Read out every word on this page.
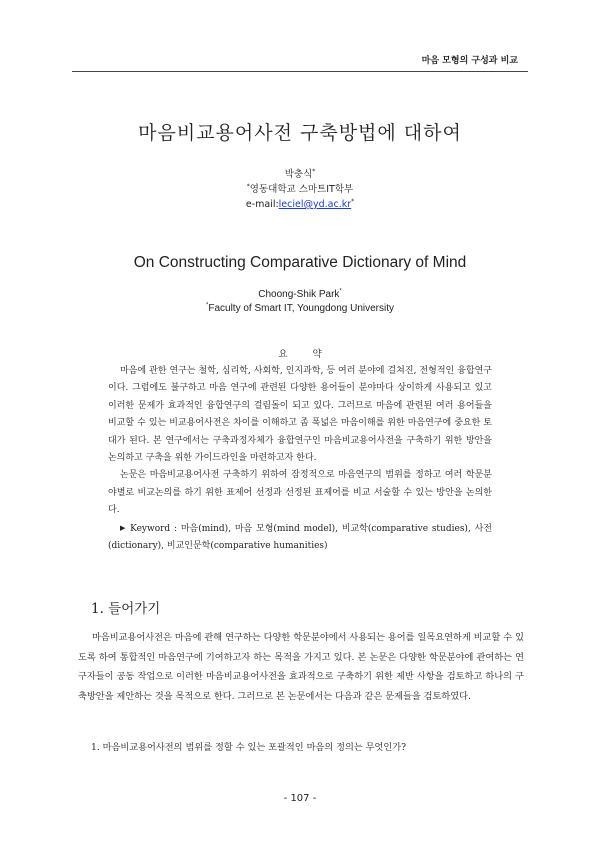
마음 모형의 구성과 비교
마음비교용어사전 구축방법에 대하여
박충식*
*영동대학교 스마트IT학부
e-mail:leciel@yd.ac.kr*
On Constructing Comparative Dictionary of Mind
Choong-Shik Park*
*Faculty of Smart IT, Youngdong University
요 약

마음에 관한 연구는 철학, 심리학, 사회학, 인지과학, 등 여러 분야에 걸쳐진, 전형적인 융합연구이다. 그럼에도 불구하고 마음 연구에 관련된 다양한 용어들이 분야마다 상이하게 사용되고 있고 이러한 문제가 효과적인 융합연구의 걸림돌이 되고 있다. 그러므로 마음에 관련된 여러 용어들을 비교할 수 있는 비교용어사전은 차이를 이해하고 좀 폭넓은 마음이해를 위한 마음연구에 중요한 토대가 된다. 본 연구에서는 구축과정자체가 융합연구인 마음비교용어사전을 구축하기 위한 방안을 논의하고 구축을 위한 가이드라인을 마련하고자 한다.

논문은 마음비교용어사전 구축하기 위하여 잠정적으로 마음연구의 범위를 정하고 여러 학문분야별로 비교논의를 하기 위한 표제어 선정과 선정된 표제어를 비교 서술할 수 있는 방안을 논의한다.

▶ Keyword : 마음(mind), 마음 모형(mind model), 비교학(comparative studies), 사전(dictionary), 비교인문학(comparative humanities)

1. 들어가기

마음비교용어사전은 마음에 관해 연구하는 다양한 학문분야에서 사용되는 용어를 일목요연하게 비교할 수 있도록 하여 통합적인 마음연구에 기여하고자 하는 목적을 가지고 있다. 본 논문은 다양한 학문분야에 관여하는 연구자들이 공동 작업으로 이러한 마음비교용어사전을 효과적으로 구축하기 위한 제반 사항을 검토하고 하나의 구축방안을 제안하는 것을 목적으로 한다. 그러므로 본 논문에서는 다음과 같은 문제들을 검토하였다.

1. 마음비교용어사전의 범위를 정할 수 있는 포괄적인 마음의 정의는 무엇인가?
- 107 -
